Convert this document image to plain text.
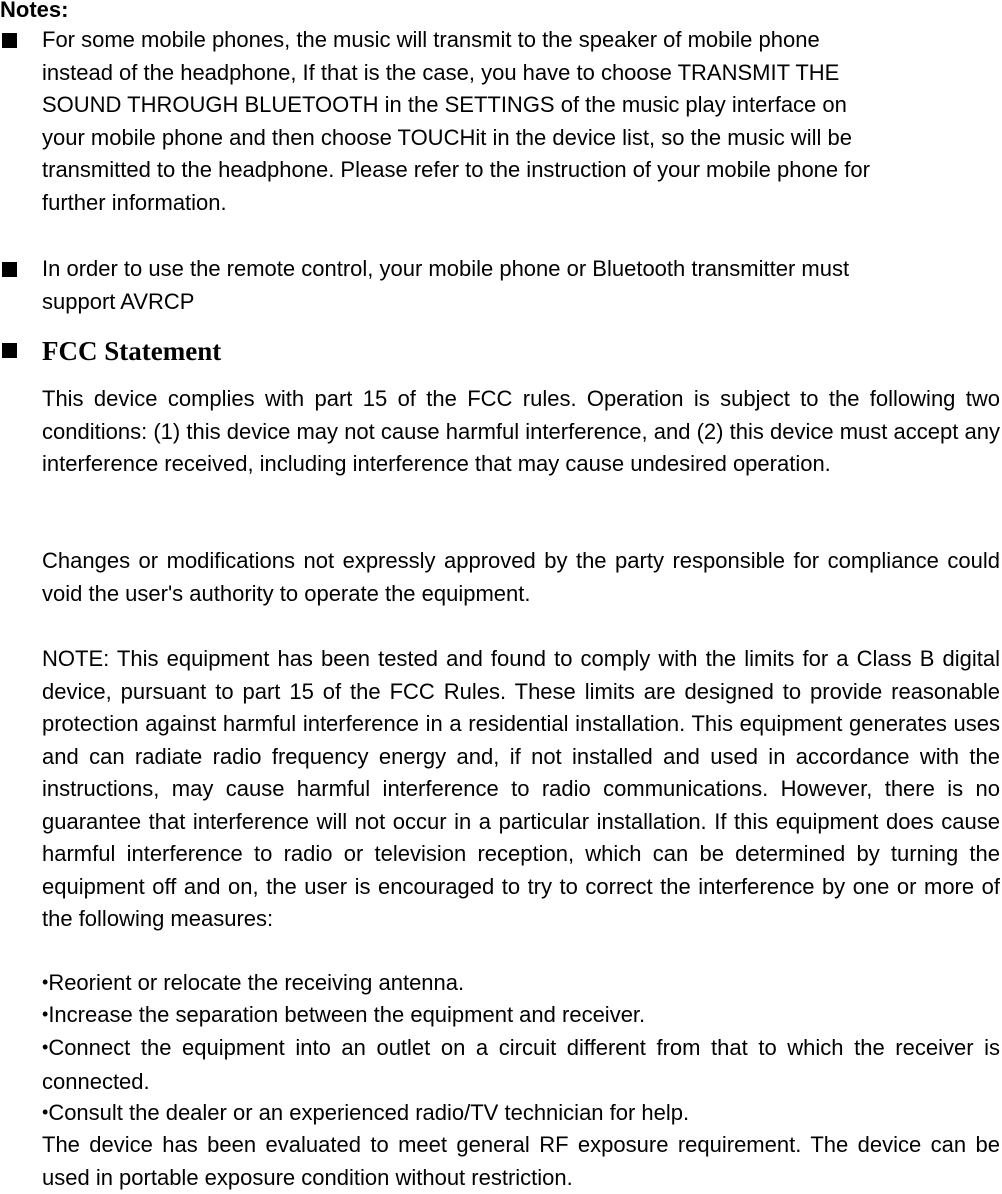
Notes:
For some mobile phones, the music will transmit to the speaker of mobile phone
instead of the headphone, If that is the case, you have to choose TRANSMIT THE
SOUND THROUGH BLUETOOTH in the SETTINGS of the music play interface on
your mobile phone and then choose TOUCHit in the device list, so the music will be
transmitted to the headphone. Please refer to the instruction of your mobile phone for
further information.
In order to use the remote control, your mobile phone or Bluetooth transmitter must
support AVRCP
FCC Statement
This device complies with part 15 of the FCC rules. Operation is subject to the following two conditions: (1) this device may not cause harmful interference, and (2) this device must accept any interference received, including interference that may cause undesired operation.
Changes or modifications not expressly approved by the party responsible for compliance could void the user's authority to operate the equipment.
NOTE: This equipment has been tested and found to comply with the limits for a Class B digital device, pursuant to part 15 of the FCC Rules. These limits are designed to provide reasonable protection against harmful interference in a residential installation. This equipment generates uses and can radiate radio frequency energy and, if not installed and used in accordance with the instructions, may cause harmful interference to radio communications. However, there is no guarantee that interference will not occur in a particular installation. If this equipment does cause harmful interference to radio or television reception, which can be determined by turning the equipment off and on, the user is encouraged to try to correct the interference by one or more of the following measures:
•Reorient or relocate the receiving antenna.
•Increase the separation between the equipment and receiver.
•Connect the equipment into an outlet on a circuit different from that to which the receiver is connected.
•Consult the dealer or an experienced radio/TV technician for help.
The device has been evaluated to meet general RF exposure requirement. The device can be used in portable exposure condition without restriction.
